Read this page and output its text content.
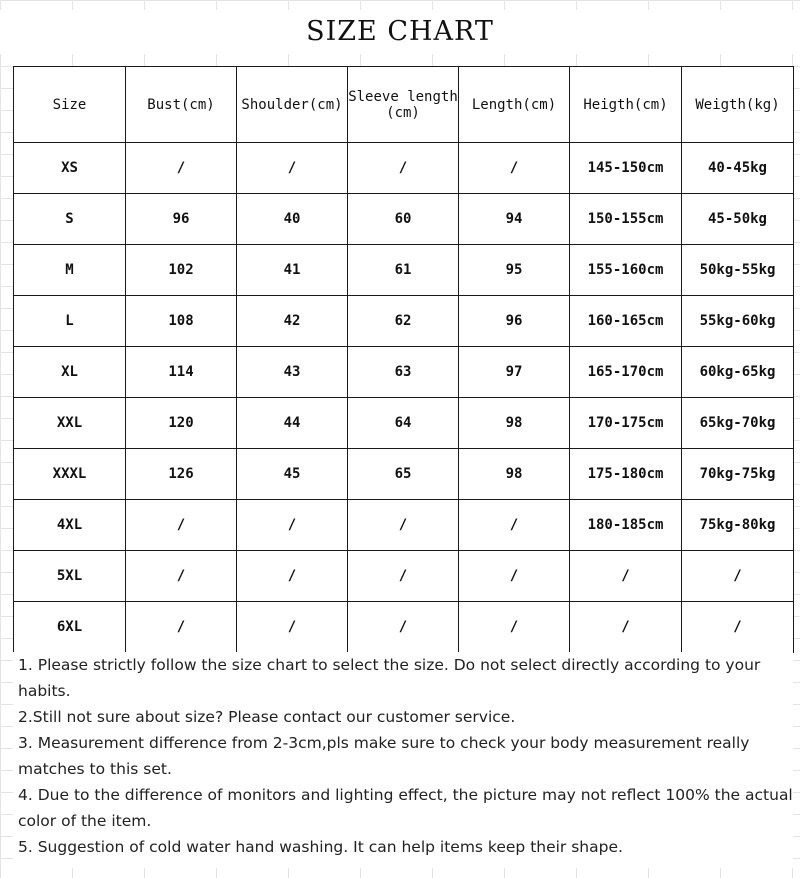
SIZE CHART
Size	Bust(cm)	Shoulder(cm)	Sleeve length (cm)	Length(cm)	Heigth(cm)	Weigth(kg)
XS	/	/	/	/	145-150cm	40-45kg
S	96	40	60	94	150-155cm	45-50kg
M	102	41	61	95	155-160cm	50kg-55kg
L	108	42	62	96	160-165cm	55kg-60kg
XL	114	43	63	97	165-170cm	60kg-65kg
XXL	120	44	64	98	170-175cm	65kg-70kg
XXXL	126	45	65	98	175-180cm	70kg-75kg
4XL	/	/	/	/	180-185cm	75kg-80kg
5XL	/	/	/	/	/	/
6XL	/	/	/	/	/	/

1. Please strictly follow the size chart to select the size. Do not select directly according to your habits.

2.Still not sure about size? Please contact our customer service.

3. Measurement difference from 2-3cm,pls make sure to check your body measurement really matches to this set.

4. Due to the difference of monitors and lighting effect, the picture may not reflect 100% the actual color of the item.

5. Suggestion of cold water hand washing. It can help items keep their shape.
